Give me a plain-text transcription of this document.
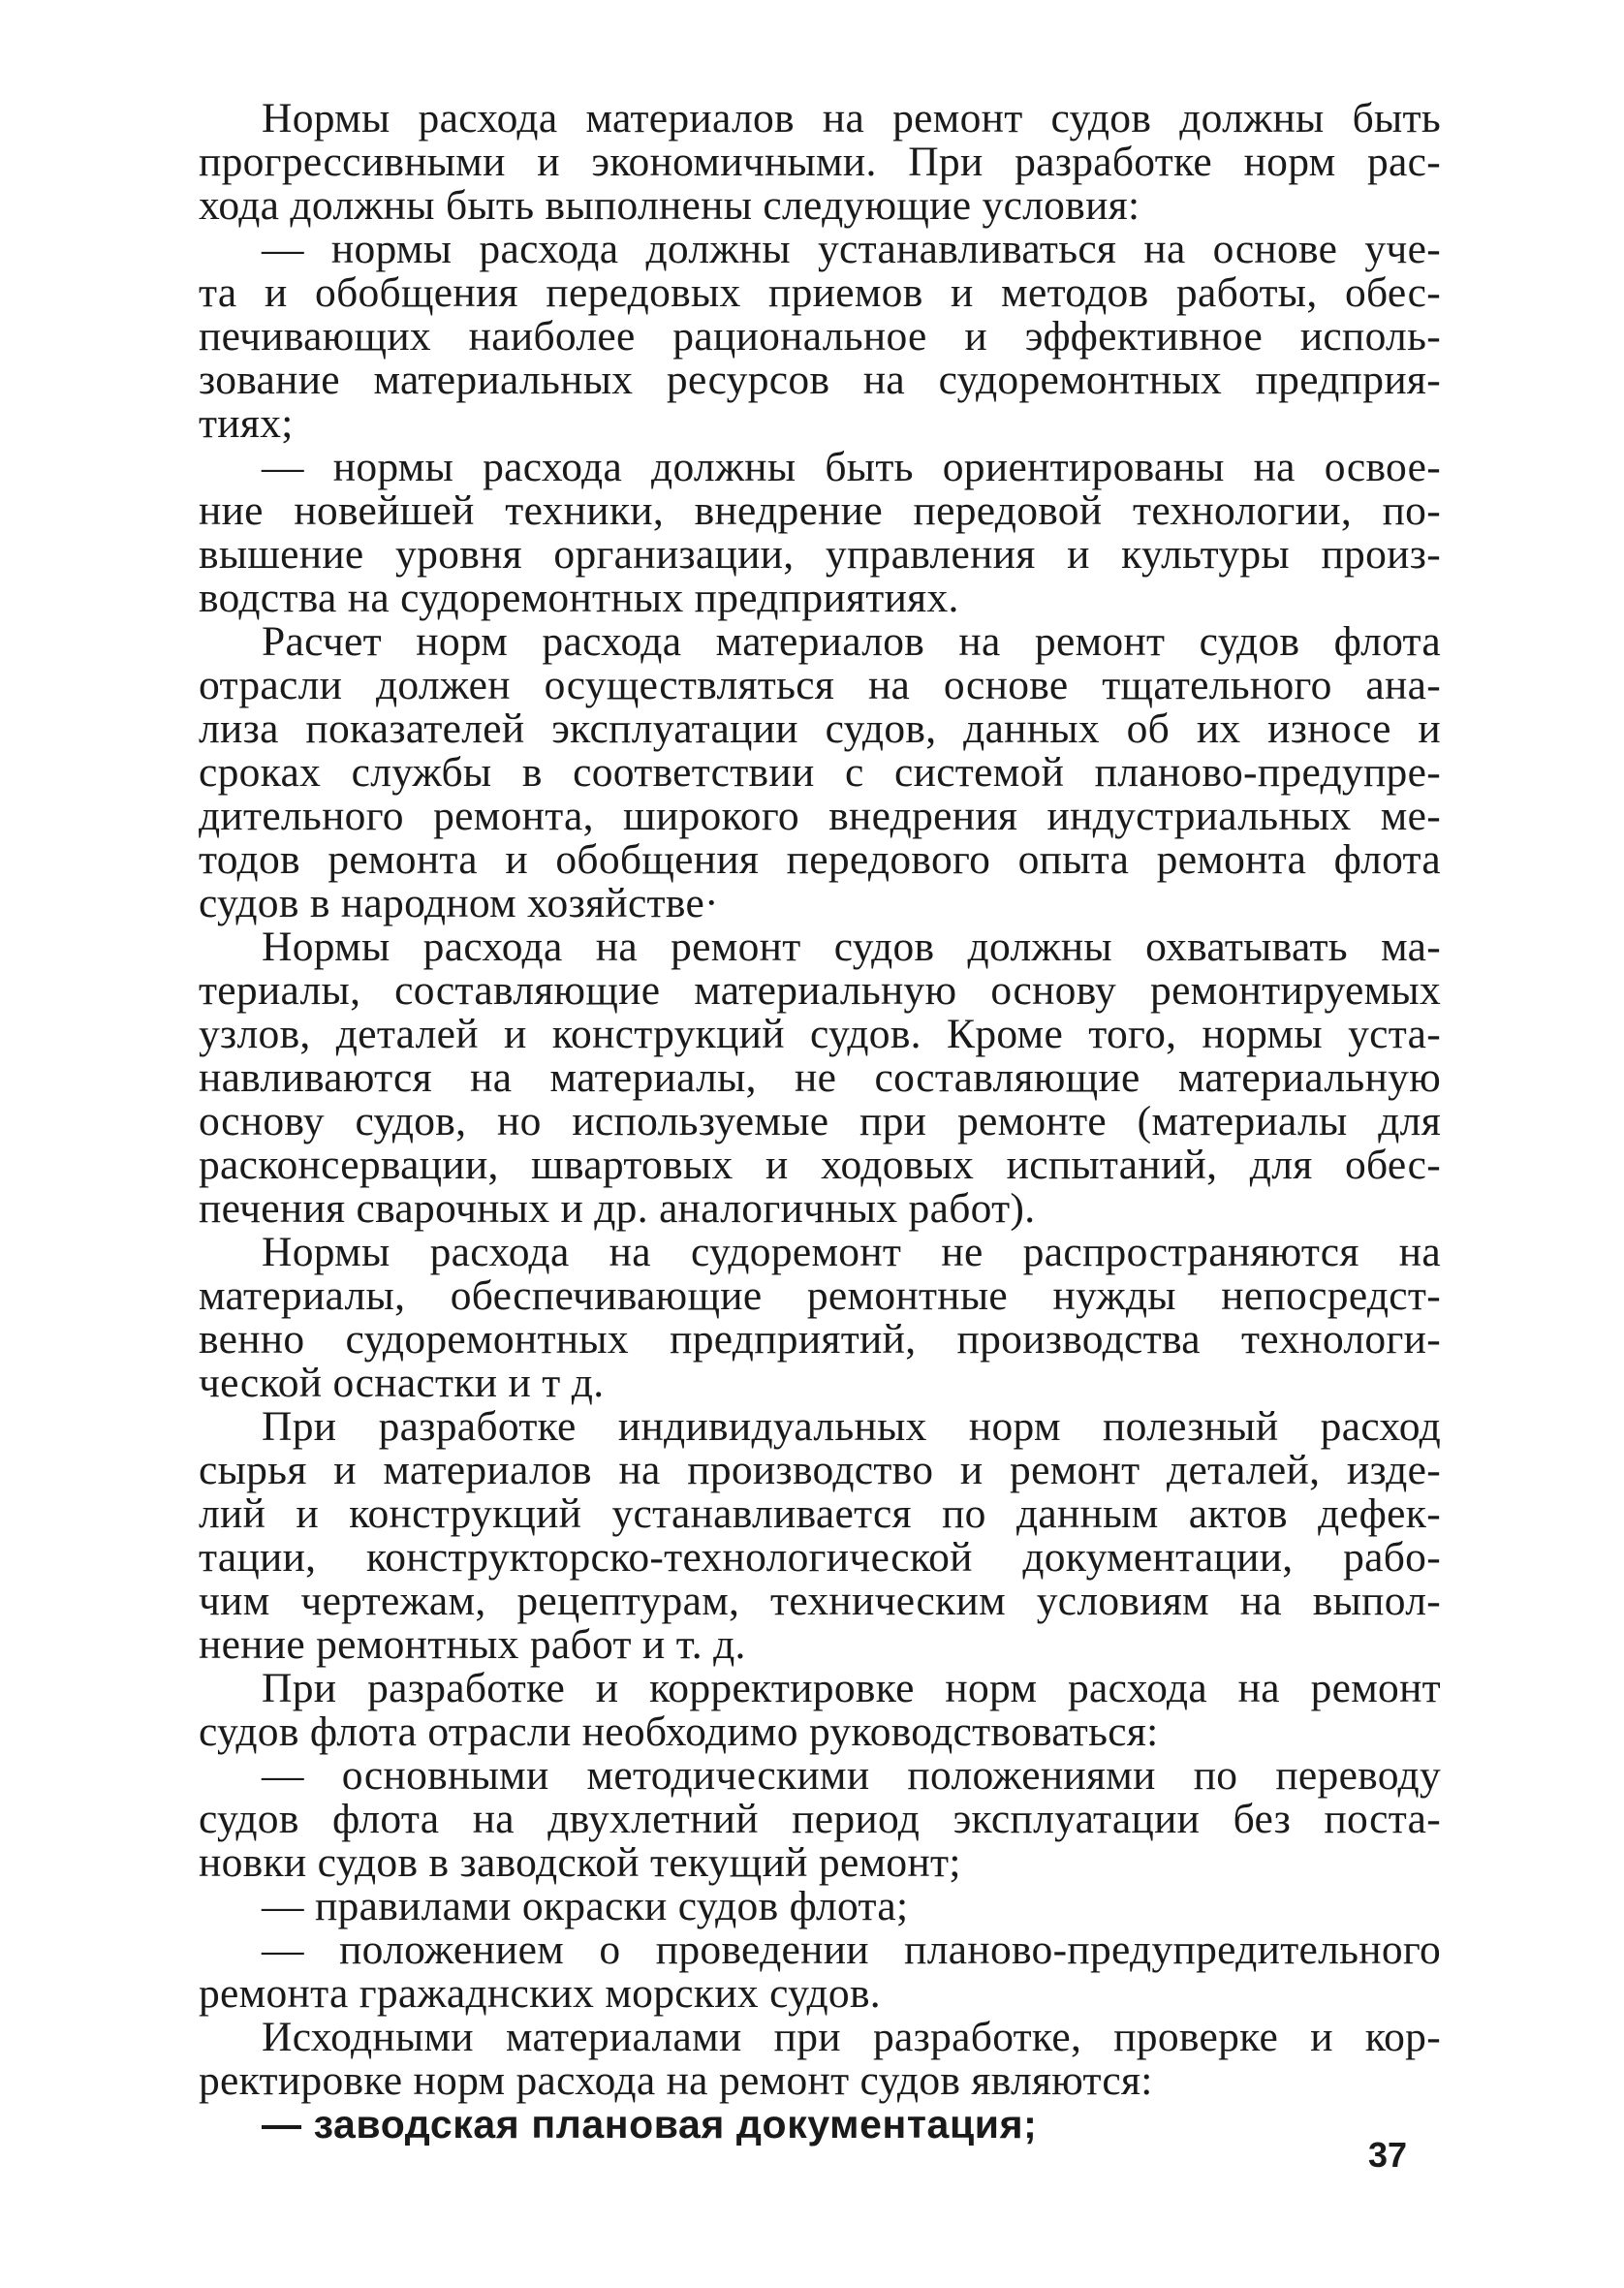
Нормы расхода материалов на ремонт судов должны быть
прогрессивными и экономичными. При разработке норм рас-
хода должны быть выполнены следующие условия:
— нормы расхода должны устанавливаться на основе уче-
та и обобщения передовых приемов и методов работы, обес-
печивающих наиболее рациональное и эффективное исполь-
зование материальных ресурсов на судоремонтных предприя-
тиях;
— нормы расхода должны быть ориентированы на освое-
ние новейшей техники, внедрение передовой технологии, по-
вышение уровня организации, управления и культуры произ-
водства на судоремонтных предприятиях.
Расчет норм расхода материалов на ремонт судов флота
отрасли должен осуществляться на основе тщательного ана-
лиза показателей эксплуатации судов, данных об их износе и
сроках службы в соответствии с системой планово-предупре-
дительного ремонта, широкого внедрения индустриальных ме-
тодов ремонта и обобщения передового опыта ремонта флота
судов в народном хозяйстве·
Нормы расхода на ремонт судов должны охватывать ма-
териалы, составляющие материальную основу ремонтируемых
узлов, деталей и конструкций судов. Кроме того, нормы уста-
навливаются на материалы, не составляющие материальную
основу судов, но используемые при ремонте (материалы для
расконсервации, швартовых и ходовых испытаний, для обес-
печения сварочных и др. аналогичных работ).
Нормы расхода на судоремонт не распространяются на
материалы, обеспечивающие ремонтные нужды непосредст-
венно судоремонтных предприятий, производства технологи-
ческой оснастки и т д.
При разработке индивидуальных норм полезный расход
сырья и материалов на производство и ремонт деталей, изде-
лий и конструкций устанавливается по данным актов дефек-
тации, конструкторско-технологической документации, рабо-
чим чертежам, рецептурам, техническим условиям на выпол-
нение ремонтных работ и т. д.
При разработке и корректировке норм расхода на ремонт
судов флота отрасли необходимо руководствоваться:
— основными методическими положениями по переводу
судов флота на двухлетний период эксплуатации без поста-
новки судов в заводской текущий ремонт;
— правилами окраски судов флота;
— положением о проведении планово-предупредительного
ремонта гражаднских морских судов.
Исходными материалами при разработке, проверке и кор-
ректировке норм расхода на ремонт судов являются:
— заводская плановая документация;
37
